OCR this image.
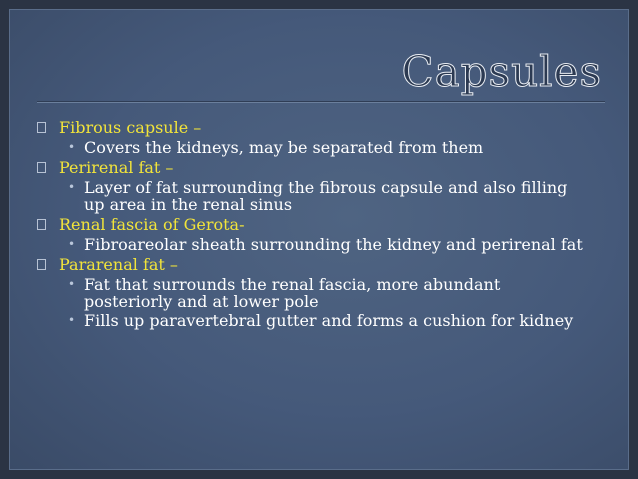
Capsules
Fibrous capsule –
• Covers the kidneys, may be separated from them
Perirenal fat –
• Layer of fat surrounding the fibrous capsule and also filling up area in the renal sinus
Renal fascia of Gerota-
• Fibroareolar sheath surrounding the kidney and perirenal fat
Pararenal fat –
• Fat that surrounds the renal fascia, more abundant posteriorly and at lower pole
• Fills up paravertebral gutter and forms a cushion for kidney
